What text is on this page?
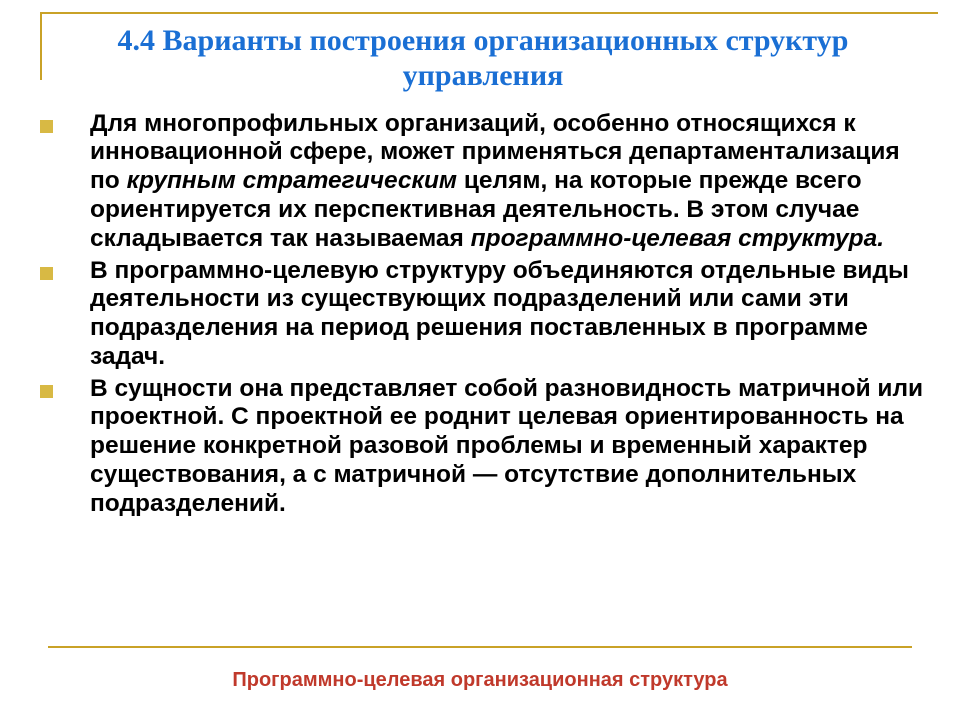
4.4 Варианты построения организационных структур управления
Для многопрофильных организаций, особенно относящихся к инновационной сфере, может применяться департаментализация по крупным стратегическим целям, на которые прежде всего ориентируется их перспективная деятельность. В этом случае складывается так называемая программно-целевая структура.
В программно-целевую структуру объединяются отдельные виды деятельности из существующих подразделений или сами эти подразделения на период решения поставленных в программе задач.
В сущности она представляет собой разновидность матричной или проектной. С проектной ее роднит целевая ориентированность на решение конкретной разовой проблемы и временный характер существования, а с матричной — отсутствие дополнительных подразделений.
Программно-целевая организационная структура
